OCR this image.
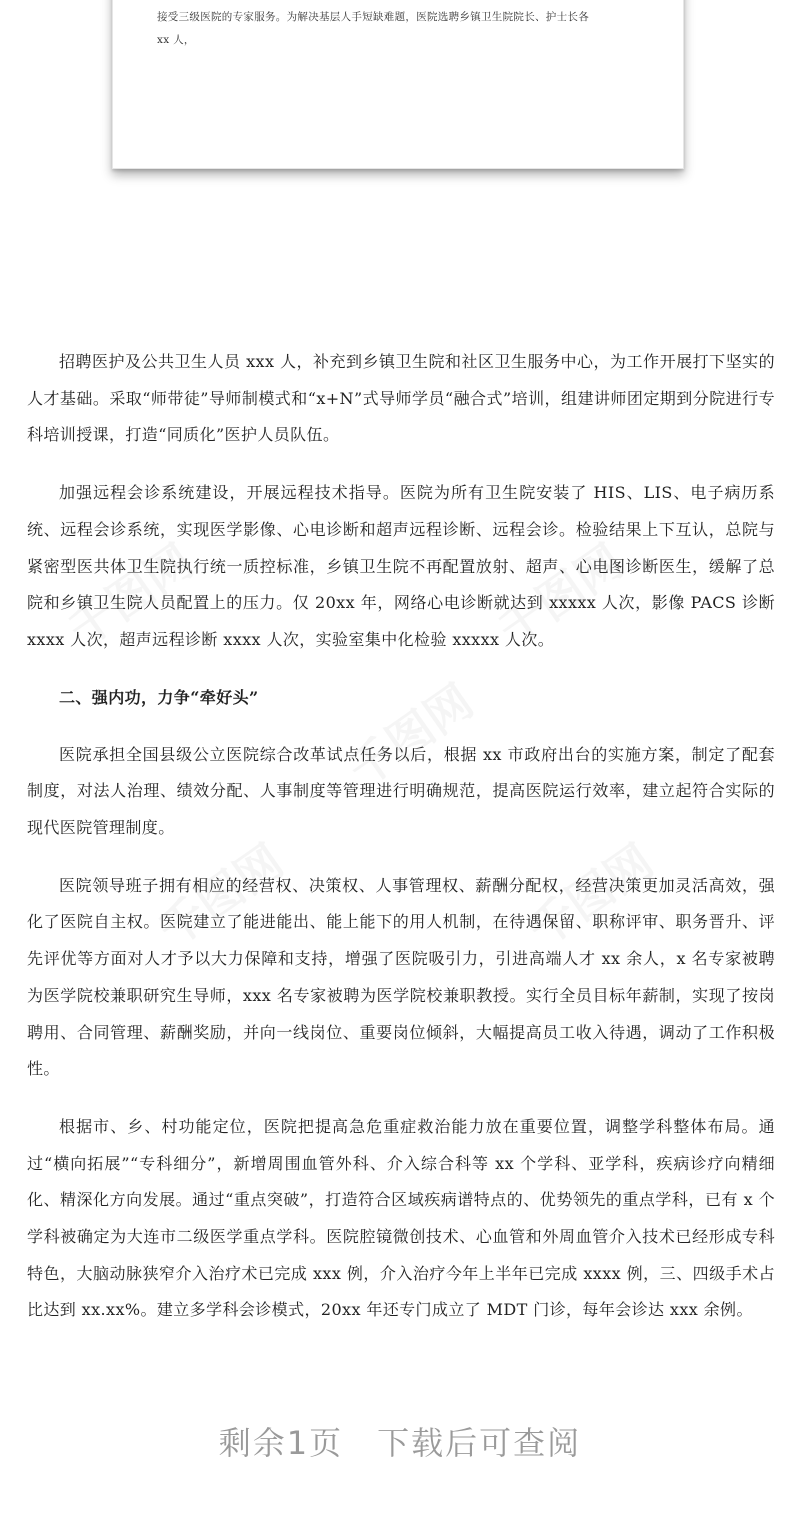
接受三级医院的专家服务。为解决基层人手短缺难题，医院选聘乡镇卫生院院长、护士长各
xx 人，

千图网	千图网
千图网
千图网	千图网

招聘医护及公共卫生人员 xxx 人，补充到乡镇卫生院和社区卫生服务中心，为工作开展打下坚实的人才基础。采取“师带徒”导师制模式和“x+N”式导师学员“融合式”培训，组建讲师团定期到分院进行专科培训授课，打造“同质化”医护人员队伍。

加强远程会诊系统建设，开展远程技术指导。医院为所有卫生院安装了 HIS、LIS、电子病历系统、远程会诊系统，实现医学影像、心电诊断和超声远程诊断、远程会诊。检验结果上下互认，总院与紧密型医共体卫生院执行统一质控标准，乡镇卫生院不再配置放射、超声、心电图诊断医生，缓解了总院和乡镇卫生院人员配置上的压力。仅 20xx 年，网络心电诊断就达到 xxxxx 人次，影像 PACS 诊断 xxxx 人次，超声远程诊断 xxxx 人次，实验室集中化检验 xxxxx 人次。

二、强内功，力争“牵好头”

医院承担全国县级公立医院综合改革试点任务以后，根据 xx 市政府出台的实施方案，制定了配套制度，对法人治理、绩效分配、人事制度等管理进行明确规范，提高医院运行效率，建立起符合实际的现代医院管理制度。

医院领导班子拥有相应的经营权、决策权、人事管理权、薪酬分配权，经营决策更加灵活高效，强化了医院自主权。医院建立了能进能出、能上能下的用人机制，在待遇保留、职称评审、职务晋升、评先评优等方面对人才予以大力保障和支持，增强了医院吸引力，引进高端人才 xx 余人，x 名专家被聘为医学院校兼职研究生导师，xxx 名专家被聘为医学院校兼职教授。实行全员目标年薪制，实现了按岗聘用、合同管理、薪酬奖励，并向一线岗位、重要岗位倾斜，大幅提高员工收入待遇，调动了工作积极性。

根据市、乡、村功能定位，医院把提高急危重症救治能力放在重要位置，调整学科整体布局。通过“横向拓展”“专科细分”，新增周围血管外科、介入综合科等 xx 个学科、亚学科，疾病诊疗向精细化、精深化方向发展。通过“重点突破”，打造符合区域疾病谱特点的、优势领先的重点学科，已有 x 个学科被确定为大连市二级医学重点学科。医院腔镜微创技术、心血管和外周血管介入技术已经形成专科特色，大脑动脉狭窄介入治疗术已完成 xxx 例，介入治疗今年上半年已完成 xxxx 例，三、四级手术占比达到 xx.xx%。建立多学科会诊模式，20xx 年还专门成立了 MDT 门诊，每年会诊达 xxx 余例。

剩余1页 下载后可查阅
